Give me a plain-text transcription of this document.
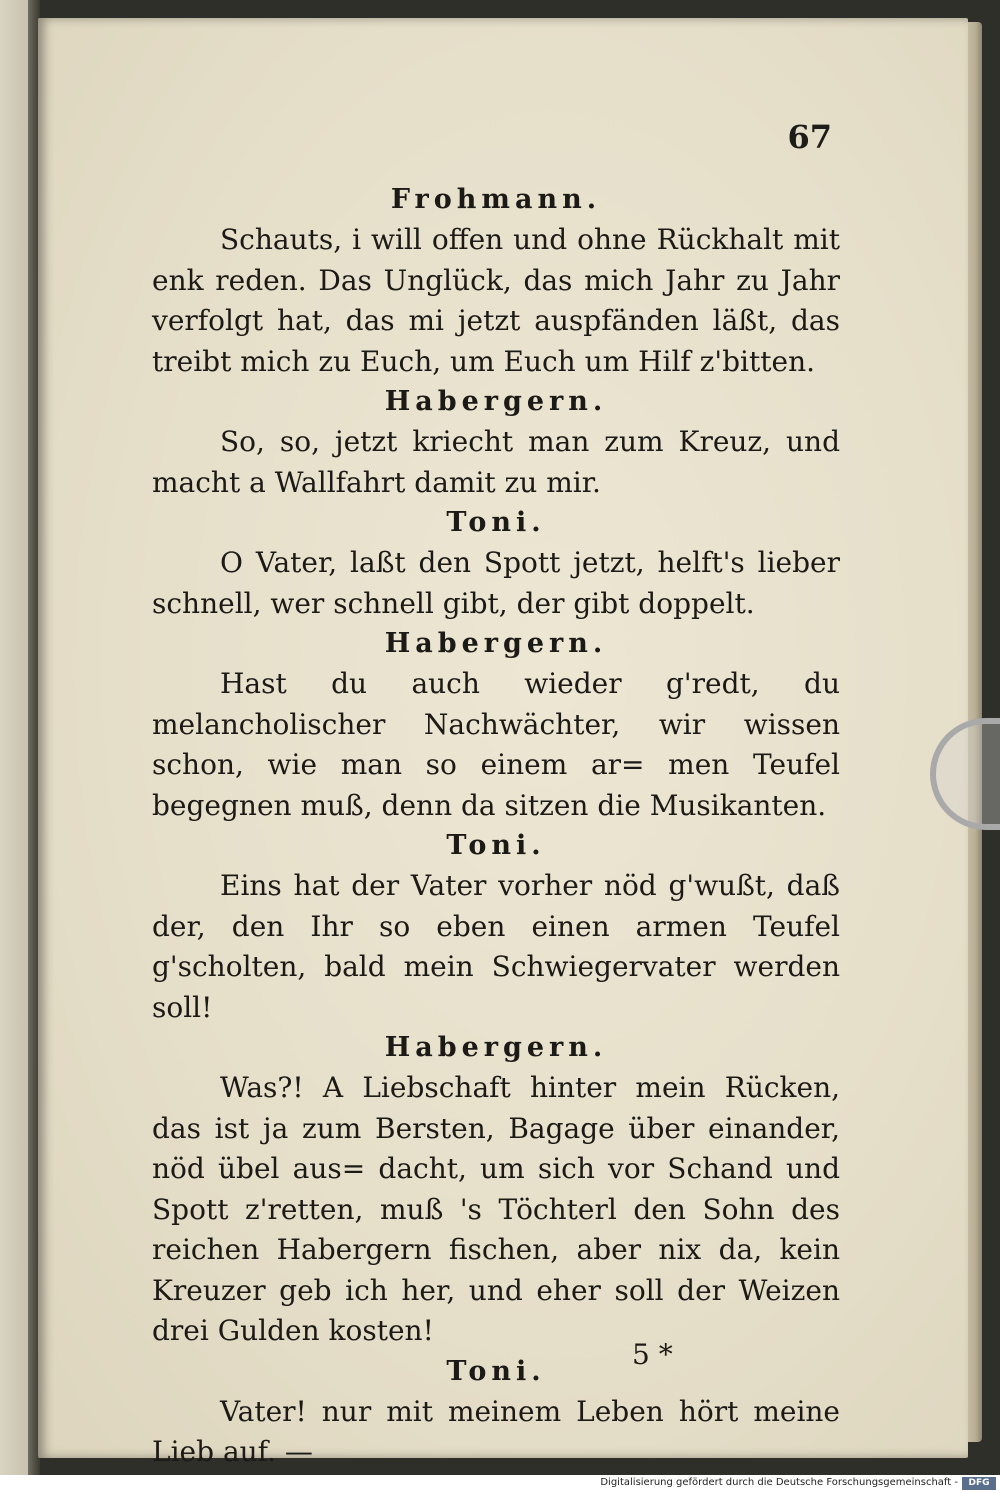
67
Frohmann.
Schauts, i will offen und ohne Rückhalt mit enk reden. Das Unglück, das mich Jahr zu Jahr verfolgt hat, das mi jetzt auspfänden läßt, das treibt mich zu Euch, um Euch um Hilf z'bitten.
Habergern.
So, so, jetzt kriecht man zum Kreuz, und macht a Wallfahrt damit zu mir.
Toni.
O Vater, laßt den Spott jetzt, helft's lieber schnell, wer schnell gibt, der gibt doppelt.
Habergern.
Hast du auch wieder g'redt, du melancholischer Nachwächter, wir wissen schon, wie man so einem ar= men Teufel begegnen muß, denn da sitzen die Musikanten.
Toni.
Eins hat der Vater vorher nöd g'wußt, daß der, den Ihr so eben einen armen Teufel g'scholten, bald mein Schwiegervater werden soll!
Habergern.
Was?! A Liebschaft hinter mein Rücken, das ist ja zum Bersten, Bagage über einander, nöd übel aus= dacht, um sich vor Schand und Spott z'retten, muß 's Töchterl den Sohn des reichen Habergern fischen, aber nix da, kein Kreuzer geb ich her, und eher soll der Weizen drei Gulden kosten!
Toni.
Vater! nur mit meinem Leben hört meine Lieb auf. —
5 *
Digitalisierung gefördert durch die Deutsche Forschungsgemeinschaft -	DFG
